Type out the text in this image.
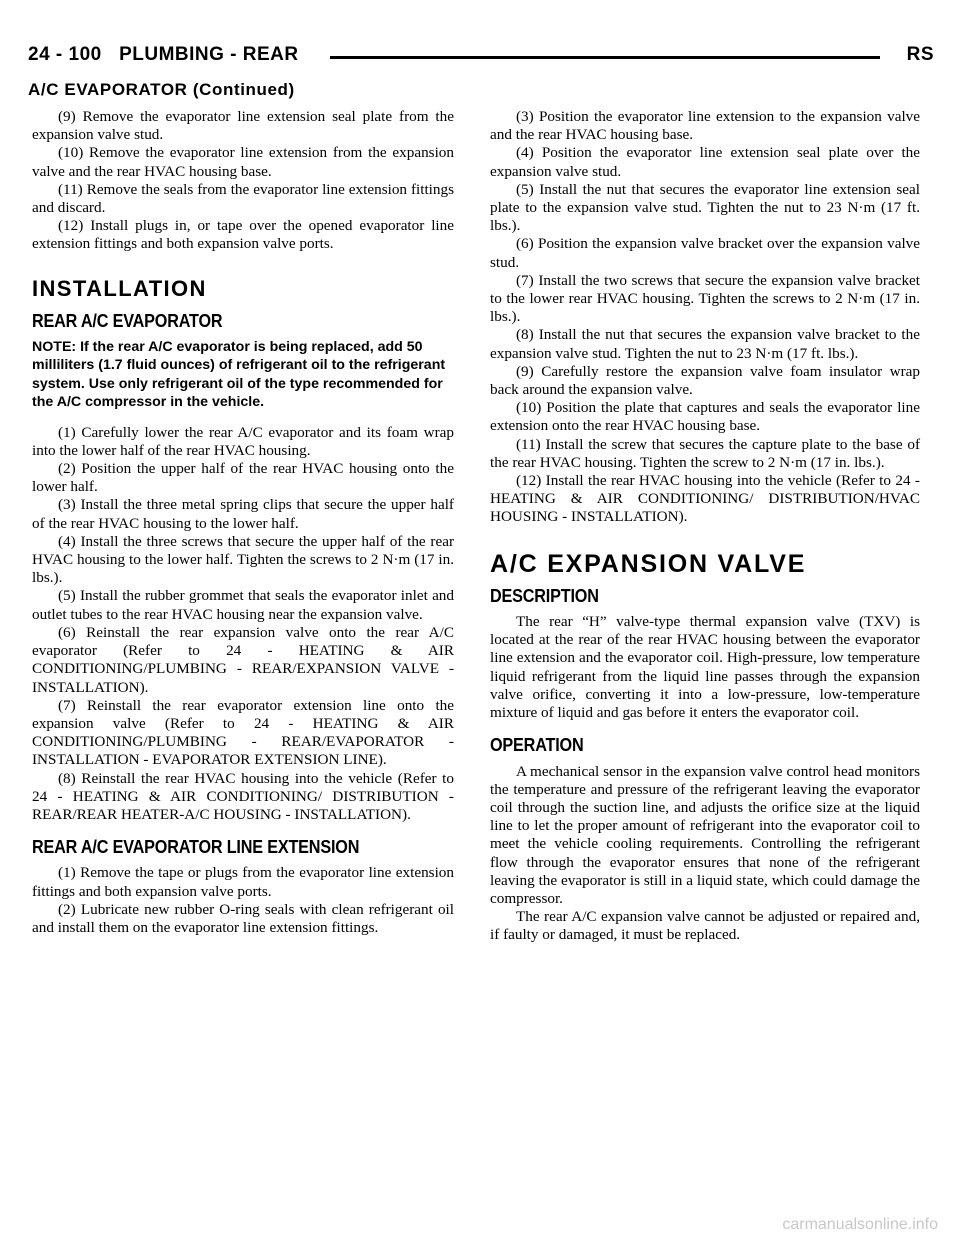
24 - 100 PLUMBING - REAR	RS
A/C EVAPORATOR (Continued)

(9) Remove the evaporator line extension seal plate from the expansion valve stud.

(10) Remove the evaporator line extension from the expansion valve and the rear HVAC housing base.

(11) Remove the seals from the evaporator line extension fittings and discard.

(12) Install plugs in, or tape over the opened evaporator line extension fittings and both expansion valve ports.

INSTALLATION
REAR A/C EVAPORATOR
NOTE: If the rear A/C evaporator is being replaced, add 50 milliliters (1.7 fluid ounces) of refrigerant oil to the refrigerant system. Use only refrigerant oil of the type recommended for the A/C compressor in the vehicle.

(1) Carefully lower the rear A/C evaporator and its foam wrap into the lower half of the rear HVAC housing.

(2) Position the upper half of the rear HVAC housing onto the lower half.

(3) Install the three metal spring clips that secure the upper half of the rear HVAC housing to the lower half.

(4) Install the three screws that secure the upper half of the rear HVAC housing to the lower half. Tighten the screws to 2 N·m (17 in. lbs.).

(5) Install the rubber grommet that seals the evaporator inlet and outlet tubes to the rear HVAC housing near the expansion valve.

(6) Reinstall the rear expansion valve onto the rear A/C evaporator (Refer to 24 - HEATING & AIR CONDITIONING/PLUMBING - REAR/EXPANSION VALVE - INSTALLATION).

(7) Reinstall the rear evaporator extension line onto the expansion valve (Refer to 24 - HEATING & AIR CONDITIONING/PLUMBING - REAR/EVAPORATOR - INSTALLATION - EVAPORATOR EXTENSION LINE).

(8) Reinstall the rear HVAC housing into the vehicle (Refer to 24 - HEATING & AIR CONDITIONING/ DISTRIBUTION - REAR/REAR HEATER-A/C HOUSING - INSTALLATION).

REAR A/C EVAPORATOR LINE EXTENSION

(1) Remove the tape or plugs from the evaporator line extension fittings and both expansion valve ports.

(2) Lubricate new rubber O-ring seals with clean refrigerant oil and install them on the evaporator line extension fittings.

(3) Position the evaporator line extension to the expansion valve and the rear HVAC housing base.

(4) Position the evaporator line extension seal plate over the expansion valve stud.

(5) Install the nut that secures the evaporator line extension seal plate to the expansion valve stud. Tighten the nut to 23 N·m (17 ft. lbs.).

(6) Position the expansion valve bracket over the expansion valve stud.

(7) Install the two screws that secure the expansion valve bracket to the lower rear HVAC housing. Tighten the screws to 2 N·m (17 in. lbs.).

(8) Install the nut that secures the expansion valve bracket to the expansion valve stud. Tighten the nut to 23 N·m (17 ft. lbs.).

(9) Carefully restore the expansion valve foam insulator wrap back around the expansion valve.

(10) Position the plate that captures and seals the evaporator line extension onto the rear HVAC housing base.

(11) Install the screw that secures the capture plate to the base of the rear HVAC housing. Tighten the screw to 2 N·m (17 in. lbs.).

(12) Install the rear HVAC housing into the vehicle (Refer to 24 - HEATING & AIR CONDITIONING/ DISTRIBUTION/HVAC HOUSING - INSTALLATION).

A/C EXPANSION VALVE
DESCRIPTION

The rear “H” valve-type thermal expansion valve (TXV) is located at the rear of the rear HVAC housing between the evaporator line extension and the evaporator coil. High-pressure, low temperature liquid refrigerant from the liquid line passes through the expansion valve orifice, converting it into a low-pressure, low-temperature mixture of liquid and gas before it enters the evaporator coil.

OPERATION

A mechanical sensor in the expansion valve control head monitors the temperature and pressure of the refrigerant leaving the evaporator coil through the suction line, and adjusts the orifice size at the liquid line to let the proper amount of refrigerant into the evaporator coil to meet the vehicle cooling requirements. Controlling the refrigerant flow through the evaporator ensures that none of the refrigerant leaving the evaporator is still in a liquid state, which could damage the compressor.

The rear A/C expansion valve cannot be adjusted or repaired and, if faulty or damaged, it must be replaced.

carmanualsonline.info
